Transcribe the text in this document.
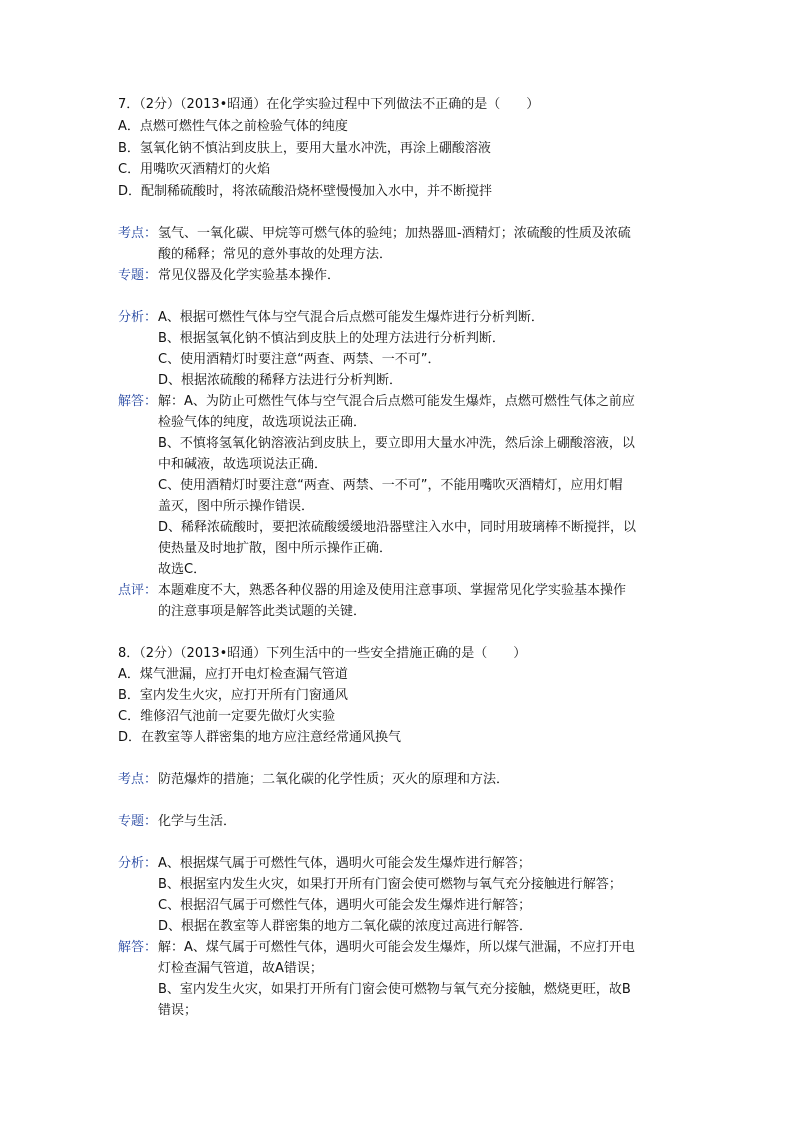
7．（2分）（2013•昭通）在化学实验过程中下列做法不正确的是（　　）
A．点燃可燃性气体之前检验气体的纯度
B．氢氧化钠不慎沾到皮肤上，要用大量水冲洗，再涂上硼酸溶液
C．用嘴吹灭酒精灯的火焰
D．配制稀硫酸时，将浓硫酸沿烧杯壁慢慢加入水中，并不断搅拌
考点： 氢气、一氧化碳、甲烷等可燃气体的验纯；加热器皿-酒精灯；浓硫酸的性质及浓硫
酸的稀释；常见的意外事故的处理方法．
专题： 常见仪器及化学实验基本操作．
分析： A、根据可燃性气体与空气混合后点燃可能发生爆炸进行分析判断．
B、根据氢氧化钠不慎沾到皮肤上的处理方法进行分析判断．
C、使用酒精灯时要注意“两查、两禁、一不可”．
D、根据浓硫酸的稀释方法进行分析判断．
解答： 解：A、为防止可燃性气体与空气混合后点燃可能发生爆炸，点燃可燃性气体之前应
检验气体的纯度，故选项说法正确．
B、不慎将氢氧化钠溶液沾到皮肤上，要立即用大量水冲洗，然后涂上硼酸溶液，以
中和碱液，故选项说法正确．
C、使用酒精灯时要注意“两查、两禁、一不可”，不能用嘴吹灭酒精灯，应用灯帽
盖灭，图中所示操作错误．
D、稀释浓硫酸时，要把浓硫酸缓缓地沿器壁注入水中，同时用玻璃棒不断搅拌，以
使热量及时地扩散，图中所示操作正确．
故选C．
点评： 本题难度不大，熟悉各种仪器的用途及使用注意事项、掌握常见化学实验基本操作
的注意事项是解答此类试题的关键．
8．（2分）（2013•昭通）下列生活中的一些安全措施正确的是（　　）
A．煤气泄漏，应打开电灯检查漏气管道
B．室内发生火灾，应打开所有门窗通风
C．维修沼气池前一定要先做灯火实验
D．在教室等人群密集的地方应注意经常通风换气
考点： 防范爆炸的措施；二氧化碳的化学性质；灭火的原理和方法．
专题： 化学与生活．
分析： A、根据煤气属于可燃性气体，遇明火可能会发生爆炸进行解答；
B、根据室内发生火灾，如果打开所有门窗会使可燃物与氧气充分接触进行解答；
C、根据沼气属于可燃性气体，遇明火可能会发生爆炸进行解答；
D、根据在教室等人群密集的地方二氧化碳的浓度过高进行解答．
解答： 解：A、煤气属于可燃性气体，遇明火可能会发生爆炸，所以煤气泄漏，不应打开电
灯检查漏气管道，故A错误；
B、室内发生火灾，如果打开所有门窗会使可燃物与氧气充分接触，燃烧更旺，故B
错误；
